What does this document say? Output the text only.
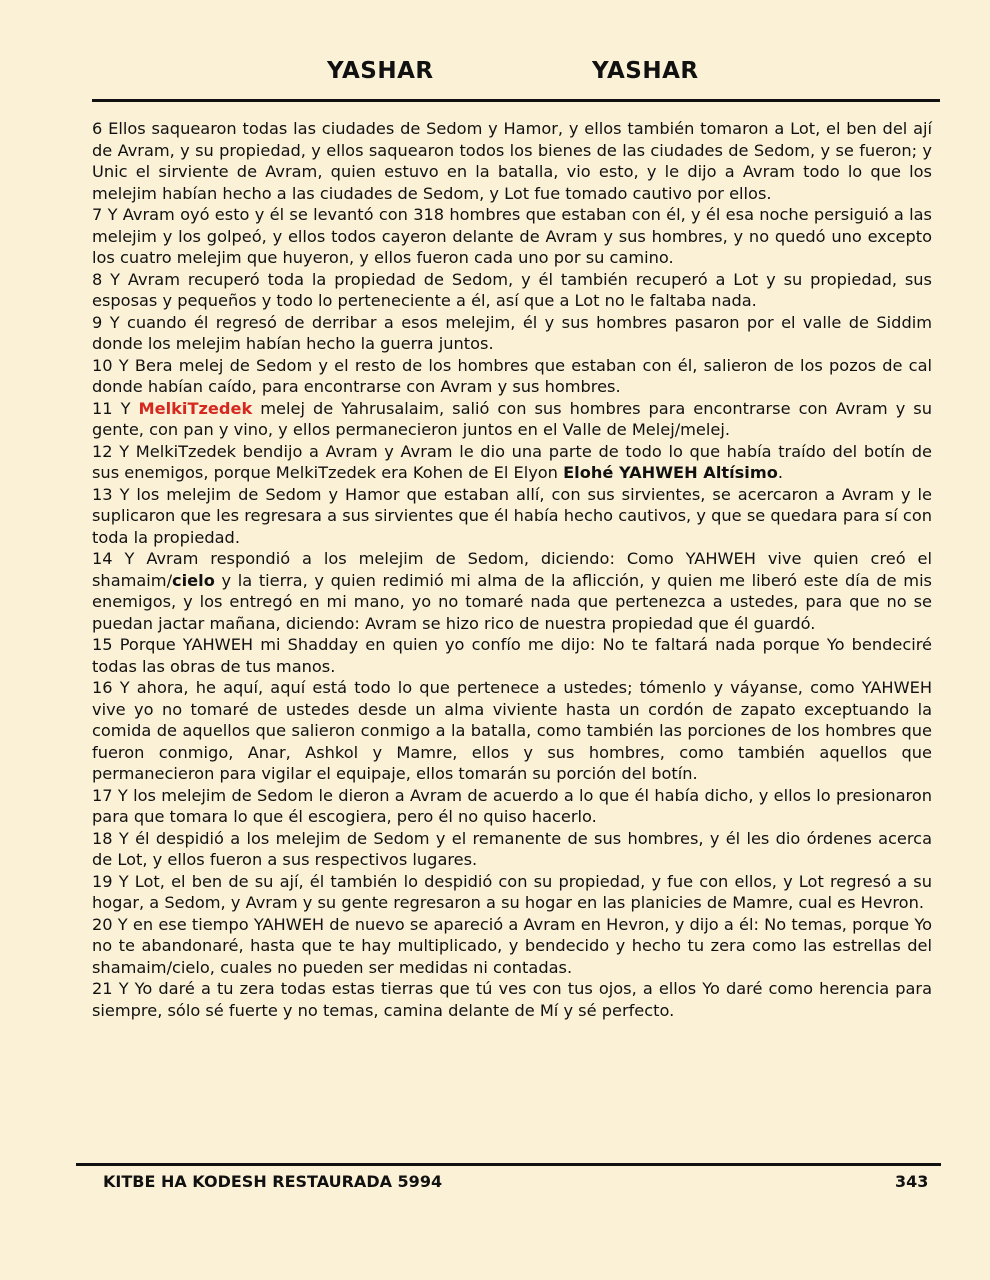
YASHAR	YASHAR

6 Ellos saquearon todas las ciudades de Sedom y Hamor, y ellos también tomaron a Lot, el ben del ají de Avram, y su propiedad, y ellos saquearon todos los bienes de las ciudades de Sedom, y se fueron; y Unic el sirviente de Avram, quien estuvo en la batalla, vio esto, y le dijo a Avram todo lo que los melejim habían hecho a las ciudades de Sedom, y Lot fue tomado cautivo por ellos.

7 Y Avram oyó esto y él se levantó con 318 hombres que estaban con él, y él esa noche persiguió a las melejim y los golpeó, y ellos todos cayeron delante de Avram y sus hombres, y no quedó uno excepto los cuatro melejim que huyeron, y ellos fueron cada uno por su camino.

8 Y Avram recuperó toda la propiedad de Sedom, y él también recuperó a Lot y su propiedad, sus esposas y pequeños y todo lo perteneciente a él, así que a Lot no le faltaba nada.

9 Y cuando él regresó de derribar a esos melejim, él y sus hombres pasaron por el valle de Siddim donde los melejim habían hecho la guerra juntos.

10 Y Bera melej de Sedom y el resto de los hombres que estaban con él, salieron de los pozos de cal donde habían caído, para encontrarse con Avram y sus hombres.

11 Y MelkiTzedek melej de Yahrusalaim, salió con sus hombres para encontrarse con Avram y su gente, con pan y vino, y ellos permanecieron juntos en el Valle de Melej/melej.

12 Y MelkiTzedek bendijo a Avram y Avram le dio una parte de todo lo que había traído del botín de sus enemigos, porque MelkiTzedek era Kohen de El Elyon Elohé YAHWEH Altísimo.

13 Y los melejim de Sedom y Hamor que estaban allí, con sus sirvientes, se acercaron a Avram y le suplicaron que les regresara a sus sirvientes que él había hecho cautivos, y que se quedara para sí con toda la propiedad.

14 Y Avram respondió a los melejim de Sedom, diciendo: Como YAHWEH vive quien creó el shamaim/cielo y la tierra, y quien redimió mi alma de la aflicción, y quien me liberó este día de mis enemigos, y los entregó en mi mano, yo no tomaré nada que pertenezca a ustedes, para que no se puedan jactar mañana, diciendo: Avram se hizo rico de nuestra propiedad que él guardó.

15 Porque YAHWEH mi Shadday en quien yo confío me dijo: No te faltará nada porque Yo bendeciré todas las obras de tus manos.

16 Y ahora, he aquí, aquí está todo lo que pertenece a ustedes; tómenlo y váyanse, como YAHWEH vive yo no tomaré de ustedes desde un alma viviente hasta un cordón de zapato exceptuando la comida de aquellos que salieron conmigo a la batalla, como también las porciones de los hombres que fueron conmigo, Anar, Ashkol y Mamre, ellos y sus hombres, como también aquellos que permanecieron para vigilar el equipaje, ellos tomarán su porción del botín.

17 Y los melejim de Sedom le dieron a Avram de acuerdo a lo que él había dicho, y ellos lo presionaron para que tomara lo que él escogiera, pero él no quiso hacerlo.

18 Y él despidió a los melejim de Sedom y el remanente de sus hombres, y él les dio órdenes acerca de Lot, y ellos fueron a sus respectivos lugares.

19 Y Lot, el ben de su ají, él también lo despidió con su propiedad, y fue con ellos, y Lot regresó a su hogar, a Sedom, y Avram y su gente regresaron a su hogar en las planicies de Mamre, cual es Hevron.

20 Y en ese tiempo YAHWEH de nuevo se apareció a Avram en Hevron, y dijo a él: No temas, porque Yo no te abandonaré, hasta que te hay multiplicado, y bendecido y hecho tu zera como las estrellas del shamaim/cielo, cuales no pueden ser medidas ni contadas.

21 Y Yo daré a tu zera todas estas tierras que tú ves con tus ojos, a ellos Yo daré como herencia para siempre, sólo sé fuerte y no temas, camina delante de Mí y sé perfecto.

KITBE HA KODESH RESTAURADA 5994	343
